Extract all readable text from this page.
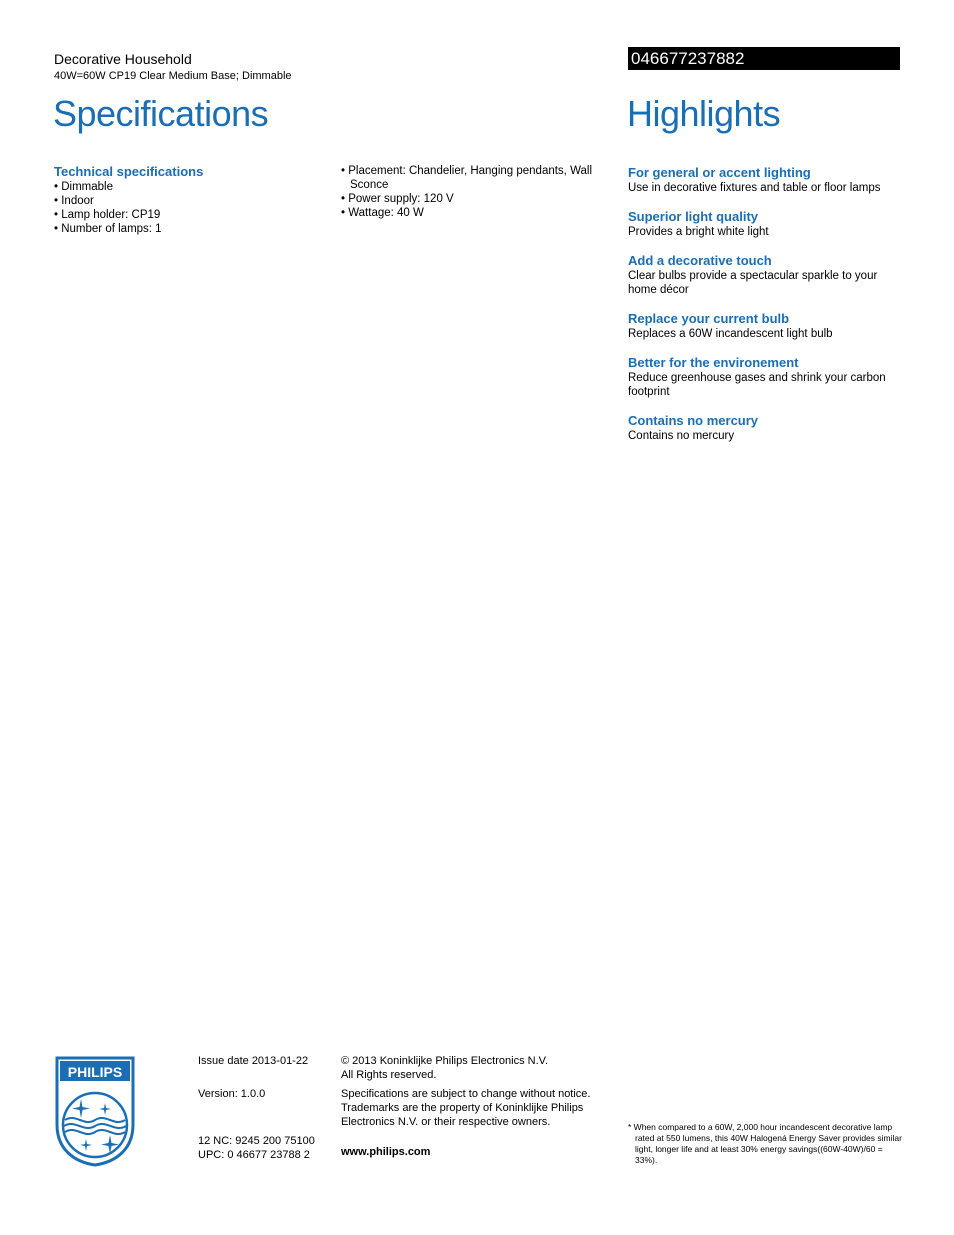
Decorative Household
40W=60W CP19 Clear Medium Base; Dimmable
046677237882
Specifications	Highlights
Technical specifications
• Dimmable
• Indoor
• Lamp holder: CP19
• Number of lamps: 1
• Placement: Chandelier, Hanging pendants, Wall Sconce
• Power supply: 120 V
• Wattage: 40 W
For general or accent lighting
Use in decorative fixtures and table or floor lamps
Superior light quality
Provides a bright white light
Add a decorative touch
Clear bulbs provide a spectacular sparkle to your home décor
Replace your current bulb
Replaces a 60W incandescent light bulb
Better for the environement
Reduce greenhouse gases and shrink your carbon footprint
Contains no mercury
Contains no mercury
PHILIPS
Issue date 2013-01-22
Version: 1.0.0
12 NC: 9245 200 75100
UPC: 0 46677 23788 2
© 2013 Koninklijke Philips Electronics N.V.
All Rights reserved.
Specifications are subject to change without notice. Trademarks are the property of Koninklijke Philips Electronics N.V. or their respective owners.
www.philips.com
* When compared to a 60W, 2,000 hour incandescent decorative lamp rated at 550 lumens, this 40W Halogená Energy Saver provides similar light, longer life and at least 30% energy savings((60W-40W)/60 = 33%).
